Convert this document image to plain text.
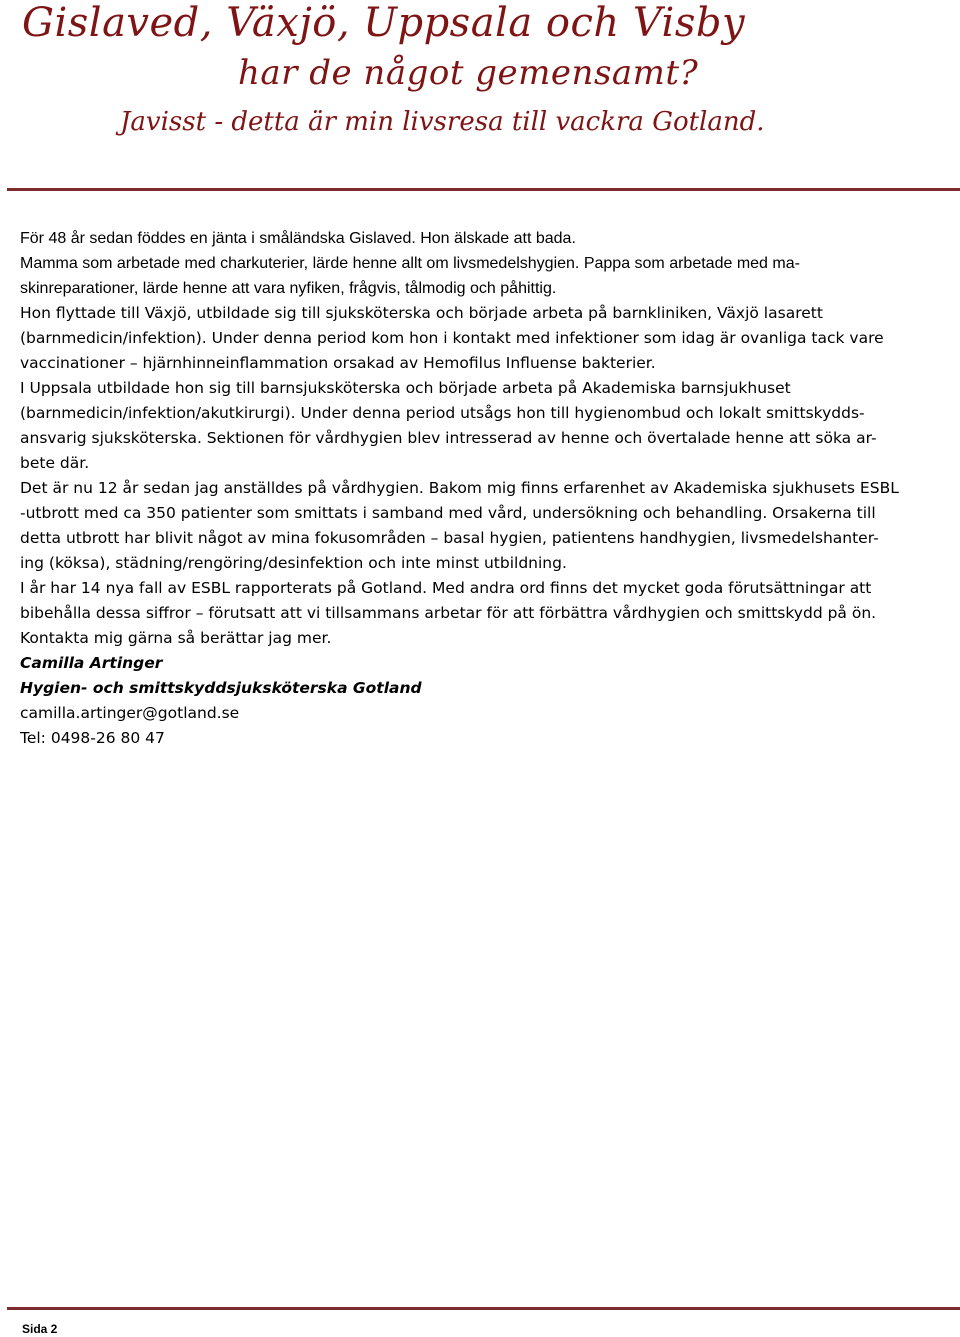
Gislaved, Växjö, Uppsala och Visby
har de något gemensamt?

Javisst - detta är min livsresa till vackra Gotland.

För 48 år sedan föddes en jänta i småländska Gislaved. Hon älskade att bada.

Mamma som arbetade med charkuterier, lärde henne allt om livsmedelshygien. Pappa som arbetade med ma-

skinreparationer, lärde henne att vara nyfiken, frågvis, tålmodig och påhittig.

Hon flyttade till Växjö, utbildade sig till sjuksköterska och började arbeta på barnkliniken, Växjö lasarett

(barnmedicin/infektion). Under denna period kom hon i kontakt med infektioner som idag är ovanliga tack vare

vaccinationer – hjärnhinneinflammation orsakad av Hemofilus Influense bakterier.

I Uppsala utbildade hon sig till barnsjuksköterska och började arbeta på Akademiska barnsjukhuset

(barnmedicin/infektion/akutkirurgi). Under denna period utsågs hon till hygienombud och lokalt smittskydds-

ansvarig sjuksköterska. Sektionen för vårdhygien blev intresserad av henne och övertalade henne att söka ar-

bete där.

Det är nu 12 år sedan jag anställdes på vårdhygien. Bakom mig finns erfarenhet av Akademiska sjukhusets ESBL

-utbrott med ca 350 patienter som smittats i samband med vård, undersökning och behandling. Orsakerna till

detta utbrott har blivit något av mina fokusområden – basal hygien, patientens handhygien, livsmedelshanter-

ing (köksa), städning/rengöring/desinfektion och inte minst utbildning.

I år har 14 nya fall av ESBL rapporterats på Gotland. Med andra ord finns det mycket goda förutsättningar att

bibehålla dessa siffror – förutsatt att vi tillsammans arbetar för att förbättra vårdhygien och smittskydd på ön.

Kontakta mig gärna så berättar jag mer.

Camilla Artinger

Hygien- och smittskyddsjuksköterska Gotland

camilla.artinger@gotland.se

Tel: 0498-26 80 47

Sida 2
